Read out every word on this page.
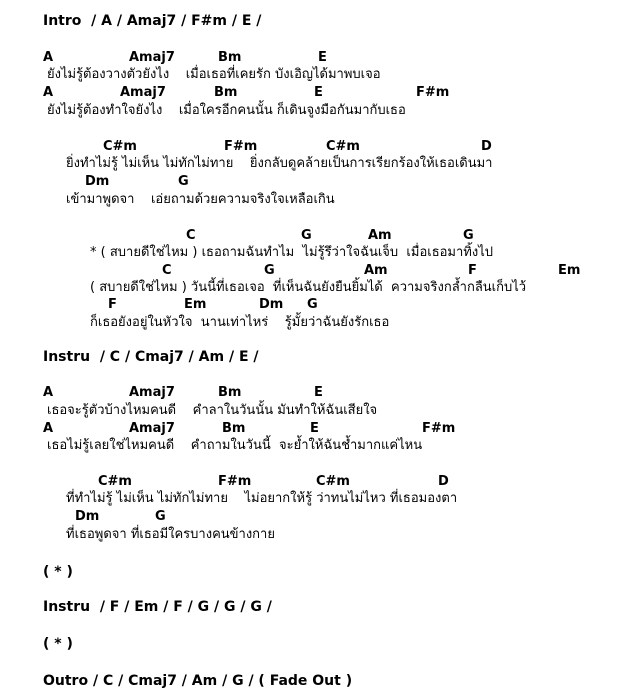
Intro  / A / Amaj7 / F#m / E /
A	Amaj7	Bm	E
ยังไม่รู้ต้องวางตัวยังไง    เมื่อเธอที่เคยรัก บังเอิญได้มาพบเจอ
A	Amaj7	Bm	E	F#m
ยังไม่รู้ต้องทำใจยังไง    เมื่อใครอีกคนนั้น ก็เดินจูงมือกันมากับเธอ
C#m	F#m	C#m	D
ยิ่งทำไม่รู้ ไม่เห็น ไม่ทักไม่ทาย    ยิ่งกลับดูคล้ายเป็นการเรียกร้องให้เธอเดินมา
Dm	G
เข้ามาพูดจา    เอ่ยถามด้วยความจริงใจเหลือเกิน
C	G	Am	G
* ( สบายดีใช่ไหม ) เธอถามฉันทำไม  ไม่รู้รึว่าใจฉันเจ็บ  เมื่อเธอมาทิ้งไป
C	G	Am	F	Em
( สบายดีใช่ไหม ) วันนี้ที่เธอเจอ  ที่เห็นฉันยังยืนยิ้มได้  ความจริงกล้ำกลืนเก็บไว้
F	Em	Dm G
ก็เธอยังอยู่ในหัวใจ  นานเท่าไหร่    รู้มั้ยว่าฉันยังรักเธอ
Instru  / C / Cmaj7 / Am / E /
A	Amaj7	Bm	E
เธอจะรู้ตัวบ้างไหมคนดี    คำลาในวันนั้น มันทำให้ฉันเสียใจ
A	Amaj7	Bm	E	F#m
เธอไม่รู้เลยใช่ไหมคนดี    คำถามในวันนี้  จะย้ำให้ฉันช้ำมากแค่ไหน
C#m	F#m	C#m	D
ที่ทำไม่รู้ ไม่เห็น ไม่ทักไม่ทาย    ไม่อยากให้รู้ ว่าทนไม่ไหว ที่เธอมองตา
Dm	G
ที่เธอพูดจา ที่เธอมีใครบางคนข้างกาย
( * )
Instru  / F / Em / F / G / G / G /
( * )
Outro / C / Cmaj7 / Am / G / ( Fade Out )
